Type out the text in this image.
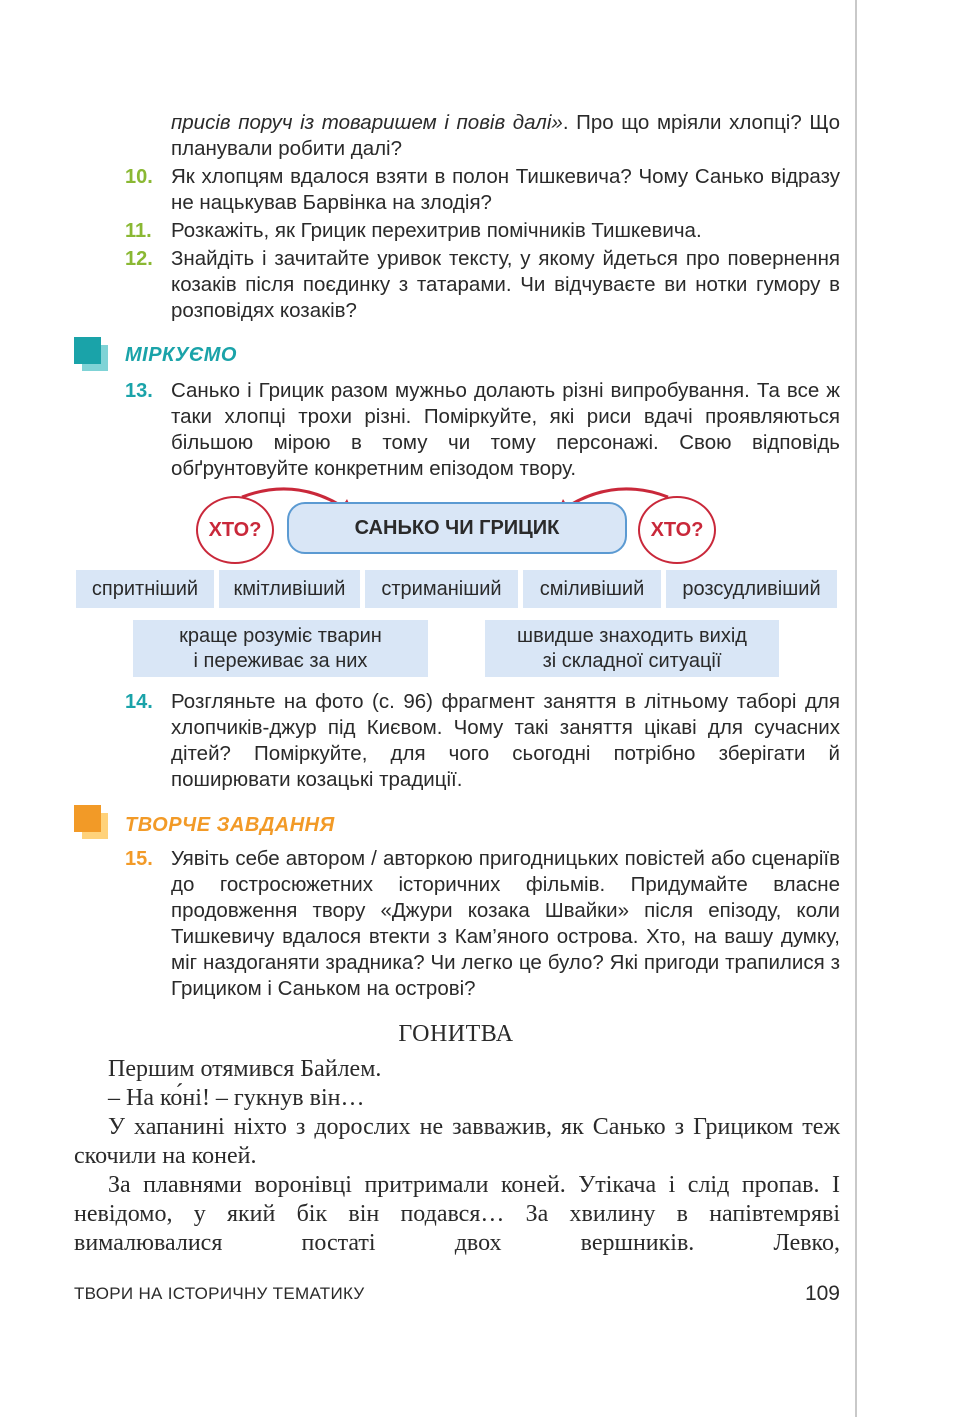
присів поруч із товаришем і повів далі». Про що мріяли хлопці? Що планували робити далі?
10. Як хлопцям вдалося взяти в полон Тишкевича? Чому Санько відразу не нацькував Барвінка на злодія?
11. Розкажіть, як Грицик перехитрив помічників Тишкевича.
12. Знайдіть і зачитайте уривок тексту, у якому йдеться про повернення козаків після поєдинку з татарами. Чи відчуваєте ви нотки гумору в розповідях козаків?
МІРКУЄМО
13. Санько і Грицик разом мужньо долають різні випробування. Та все ж таки хлопці трохи різні. Поміркуйте, які риси вдачі проявляються більшою мірою в тому чи тому персонажі. Свою відповідь обґрунтовуйте конкретним епізодом твору.
ХТО?	САНЬКО ЧИ ГРИЦИК	ХТО?
спритніший	кмітливіший	стриманіший	сміливіший	розсудливіший
краще розуміє тварин
і переживає за них
швидше знаходить вихід
зі складної ситуації
14. Розгляньте на фото (с. 96) фрагмент заняття в літньому таборі для хлопчиків-джур під Києвом. Чому такі заняття цікаві для сучасних дітей? Поміркуйте, для чого сьогодні потрібно зберігати й поширювати козацькі традиції.
ТВОРЧЕ ЗАВДАННЯ
15. Уявіть себе автором / авторкою пригодницьких повістей або сценаріїв до гостросюжетних історичних фільмів. Придумайте власне продовження твору «Джури козака Швайки» після епізоду, коли Тишкевичу вдалося втекти з Кам’яного острова. Хто, на вашу думку, міг наздоганяти зрадника? Чи легко це було? Які пригоди трапилися з Грициком і Саньком на острові?
ГОНИТВА

Першим отямився Байлем.

– На ко́ні! – гукнув він…

У хапанині ніхто з дорослих не завважив, як Санько з Грициком теж скочили на коней.

За плавнями воронівці притримали коней. Утікача і слід пропав. І невідомо, у який бік він подався… За хвилину в напівтемряві вималювалися постаті двох вершників. Левко,

ТВОРИ НА ІСТОРИЧНУ ТЕМАТИКУ	109
